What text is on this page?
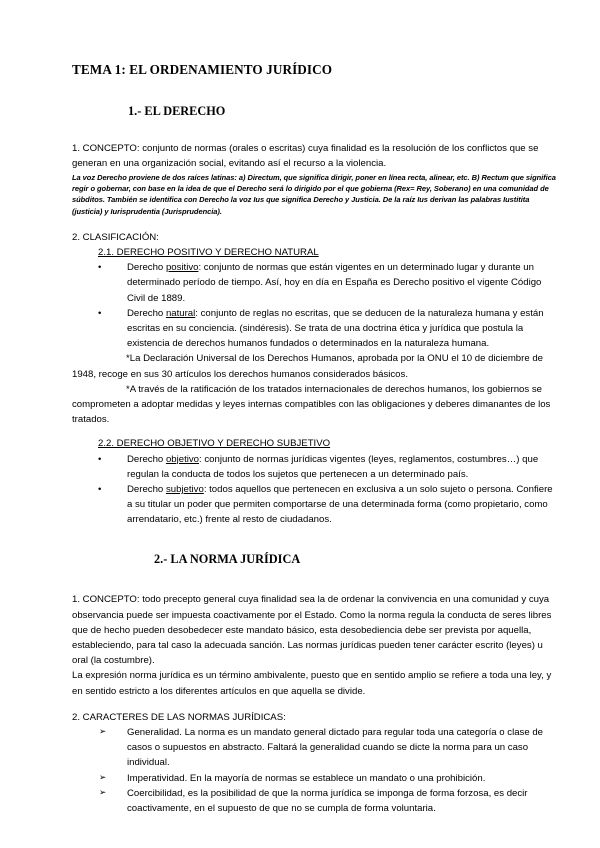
TEMA 1: EL ORDENAMIENTO JURÍDICO
1.- EL DERECHO

1. CONCEPTO: conjunto de normas (orales o escritas) cuya finalidad es la resolución de los conflictos que se generan en una organización social, evitando así el recurso a la violencia.

La voz Derecho proviene de dos raíces latinas: a) Directum, que significa dirigir, poner en línea recta, alinear, etc. B) Rectum que significa regir o gobernar, con base en la idea de que el Derecho será lo dirigido por el que gobierna (Rex= Rey, Soberano) en una comunidad de súbditos. También se identifica con Derecho la voz Ius que significa Derecho y Justicia. De la raíz Ius derivan las palabras Iustitita (justicia) y Iurisprudentia (Jurisprudencia).

2. CLASIFICACIÓN:

2.1. DERECHO POSITIVO Y DERECHO NATURAL

•	Derecho positivo: conjunto de normas que están vigentes en un determinado lugar y durante un determinado período de tiempo. Así, hoy en día en España es Derecho positivo el vigente Código Civil de 1889.
•	Derecho natural: conjunto de reglas no escritas, que se deducen de la naturaleza humana y están escritas en su conciencia. (sindéresis). Se trata de una doctrina ética y jurídica que postula la existencia de derechos humanos fundados o determinados en la naturaleza humana.

*La Declaración Universal de los Derechos Humanos, aprobada por la ONU el 10 de diciembre de 1948, recoge en sus 30 artículos los derechos humanos considerados básicos.

*A través de la ratificación de los tratados internacionales de derechos humanos, los gobiernos se comprometen a adoptar medidas y leyes internas compatibles con las obligaciones y deberes dimanantes de los tratados.

2.2. DERECHO OBJETIVO Y DERECHO SUBJETIVO

•	Derecho objetivo: conjunto de normas jurídicas vigentes (leyes, reglamentos, costumbres…) que regulan la conducta de todos los sujetos que pertenecen a un determinado país.
•	Derecho subjetivo: todos aquellos que pertenecen en exclusiva a un solo sujeto o persona. Confiere a su titular un poder que permiten comportarse de una determinada forma (como propietario, como arrendatario, etc.) frente al resto de ciudadanos.
2.- LA NORMA JURÍDICA

1. CONCEPTO: todo precepto general cuya finalidad sea la de ordenar la convivencia en una comunidad y cuya observancia puede ser impuesta coactivamente por el Estado. Como la norma regula la conducta de seres libres que de hecho pueden desobedecer este mandato básico, esta desobediencia debe ser prevista por aquella, estableciendo, para tal caso la adecuada sanción. Las normas jurídicas pueden tener carácter escrito (leyes) u oral (la costumbre).

La expresión norma jurídica es un término ambivalente, puesto que en sentido amplio se refiere a toda una ley, y en sentido estricto a los diferentes artículos en que aquella se divide.

2. CARACTERES DE LAS NORMAS JURÍDICAS:

➢	Generalidad. La norma es un mandato general dictado para regular toda una categoría o clase de casos o supuestos en abstracto. Faltará la generalidad cuando se dicte la norma para un caso individual.
➢	Imperatividad. En la mayoría de normas se establece un mandato o una prohibición.
➢	Coercibilidad, es la posibilidad de que la norma jurídica se imponga de forma forzosa, es decir coactivamente, en el supuesto de que no se cumpla de forma voluntaria.
